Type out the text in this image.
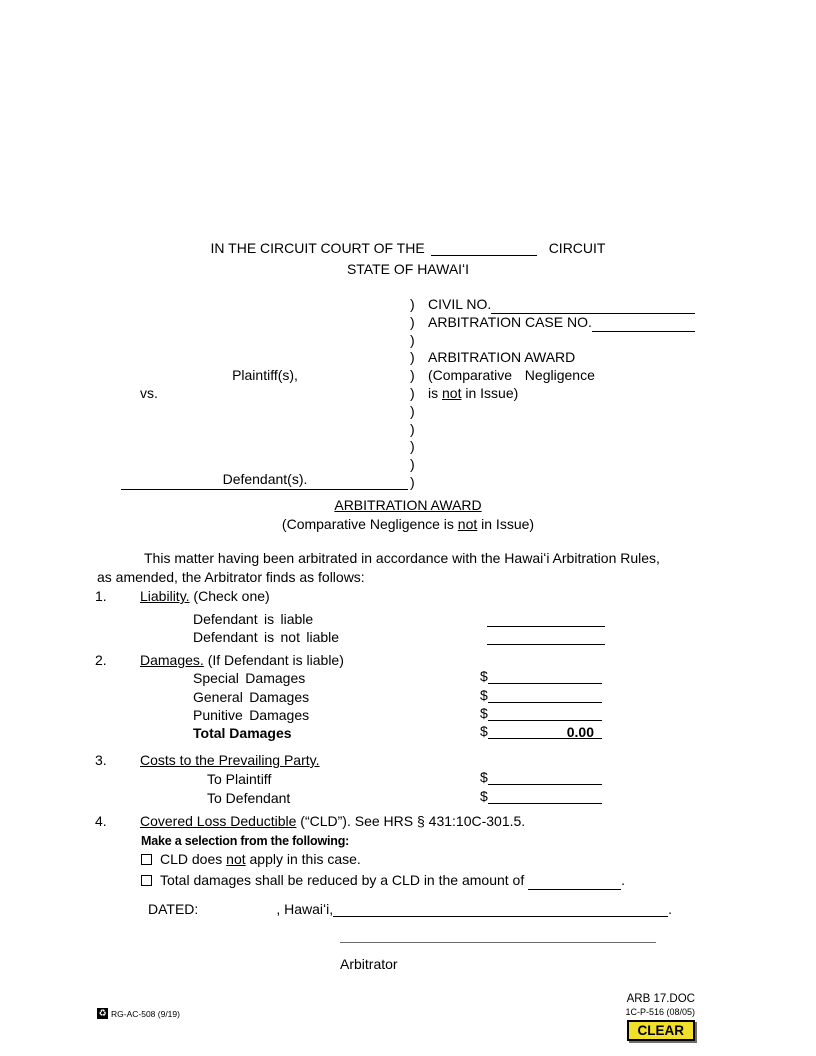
IN THE CIRCUIT COURT OF THE	CIRCUIT
STATE OF HAWAIʻI
Plaintiff(s),
vs.
Defendant(s).
)
)
)
)
)
)
)
)
)
)
)
CIVIL NO.
ARBITRATION CASE NO.
ARBITRATION AWARD
(Comparative  Negligence
is not in Issue)
ARBITRATION AWARD
(Comparative Negligence is not in Issue)
This matter having been arbitrated in accordance with the Hawaiʻi Arbitration Rules,
as amended, the Arbitrator finds as follows:
1. Liability. (Check one)
Defendant is liable
Defendant is not liable
2. Damages. (If Defendant is liable)
Special Damages	$
General Damages	$
Punitive Damages	$
Total Damages	$	0.00
3. Costs to the Prevailing Party.
To Plaintiff	$
To Defendant	$
4. Covered Loss Deductible (“CLD”). See HRS § 431:10C-301.5.
Make a selection from the following:
CLD does not apply in this case.
Total damages shall be reduced by a CLD in the amount of	.
DATED:	, Hawaiʻi,	.
Arbitrator
♻ RG-AC-508 (9/19)
ARB 17.DOC
1C-P-516 (08/05)
CLEAR
